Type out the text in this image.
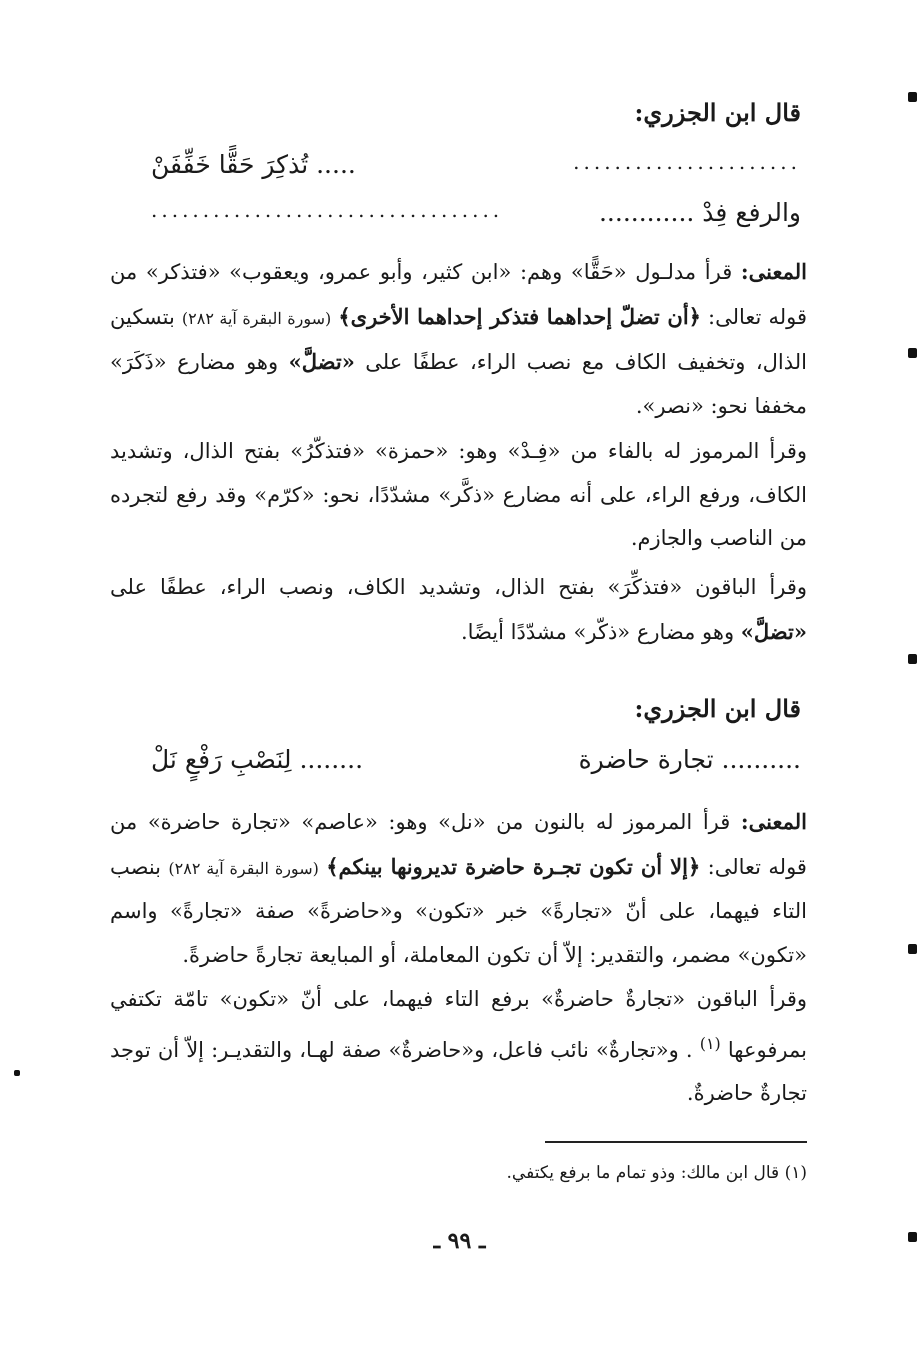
قال ابن الجزري:
......................
..... تُذكِرَ حَقًّا خَفِّفَنْ
والرفع فِدْ ............
..................................
المعنى: قرأ مدلـول «حَقًّا» وهم: «ابن كثير، وأبو عمرو، ويعقوب» «فتذكر» من قوله تعالى: ﴿أن تضلّ إحداهما فتذكر إحداهما الأخرى﴾ (سورة البقرة آية ٢٨٢) بتسكين الذال، وتخفيف الكاف مع نصب الراء، عطفًا على «تضلَّ» وهو مضارع «ذَكَرَ» مخففا نحو: «نصر».
وقرأ المرموز له بالفاء من «فِـدْ» وهو: «حمزة» «فتذكّرُ» بفتح الذال، وتشديد الكاف، ورفع الراء، على أنه مضارع «ذكَّر» مشدّدًا، نحو: «كرّم» وقد رفع لتجرده من الناصب والجازم.
وقرأ الباقون «فتذكِّرَ» بفتح الذال، وتشديد الكاف، ونصب الراء، عطفًا على «تضلَّ» وهو مضارع «ذكّر» مشدّدًا أيضًا.
قال ابن الجزري:
.......... تجارة حاضرة
........ لِنَصْبِ رَفْعٍ نَلْ
المعنى: قرأ المرموز له بالنون من «نل» وهو: «عاصم» «تجارة حاضرة» من قوله تعالى: ﴿إلا أن تكون تجـرة حاضرة تديرونها بينكم﴾ (سورة البقرة آية ٢٨٢) بنصب التاء فيهما، على أنّ «تجارةً» خبر «تكون» و«حاضرةً» صفة «تجارةً» واسم «تكون» مضمر، والتقدير: إلاّ أن تكون المعاملة، أو المبايعة تجارةً حاضرةً.
وقرأ الباقون «تجارةٌ حاضرةٌ» برفع التاء فيهما، على أنّ «تكون» تامّة تكتفي بمرفوعها $^{(١)}$ . و«تجارةٌ» نائب فاعل، و«حاضرةٌ» صفة لهـا، والتقديـر: إلاّ أن توجد تجارةٌ حاضرةٌ.
(١) قال ابن مالك: وذو تمام ما برفع يكتفي.
ـ ٩٩ ـ
